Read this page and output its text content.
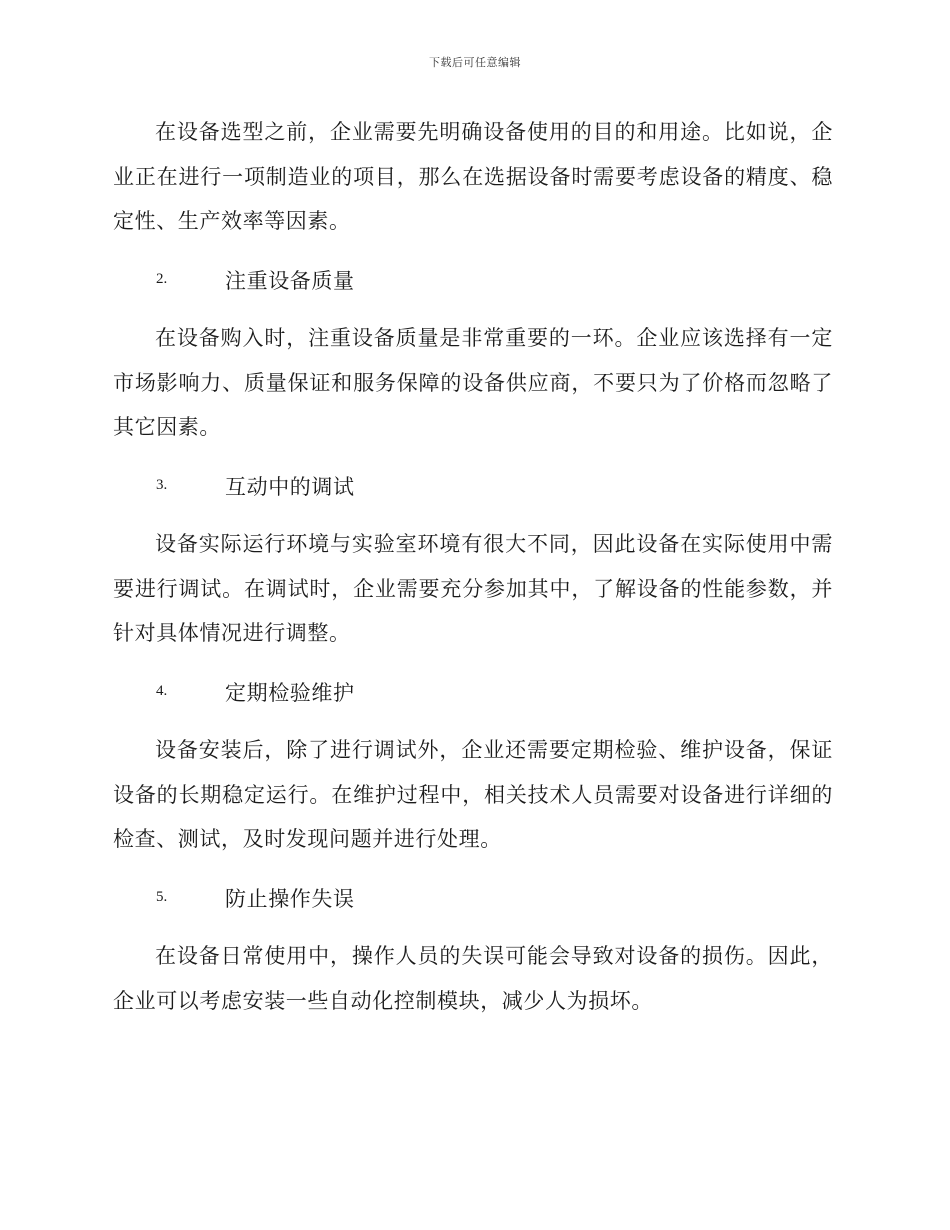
下载后可任意编辑

在设备选型之前，企业需要先明确设备使用的目的和用途。比如说，企业正在进行一项制造业的项目，那么在选据设备时需要考虑设备的精度、稳定性、生产效率等因素。

2.	注重设备质量

在设备购入时，注重设备质量是非常重要的一环。企业应该选择有一定市场影响力、质量保证和服务保障的设备供应商，不要只为了价格而忽略了其它因素。

3.	互动中的调试

设备实际运行环境与实验室环境有很大不同，因此设备在实际使用中需要进行调试。在调试时，企业需要充分参加其中，了解设备的性能参数，并针对具体情况进行调整。

4.	定期检验维护

设备安装后，除了进行调试外，企业还需要定期检验、维护设备，保证设备的长期稳定运行。在维护过程中，相关技术人员需要对设备进行详细的检查、测试，及时发现问题并进行处理。

5.	防止操作失误

在设备日常使用中，操作人员的失误可能会导致对设备的损伤。因此，企业可以考虑安装一些自动化控制模块，减少人为损坏。
